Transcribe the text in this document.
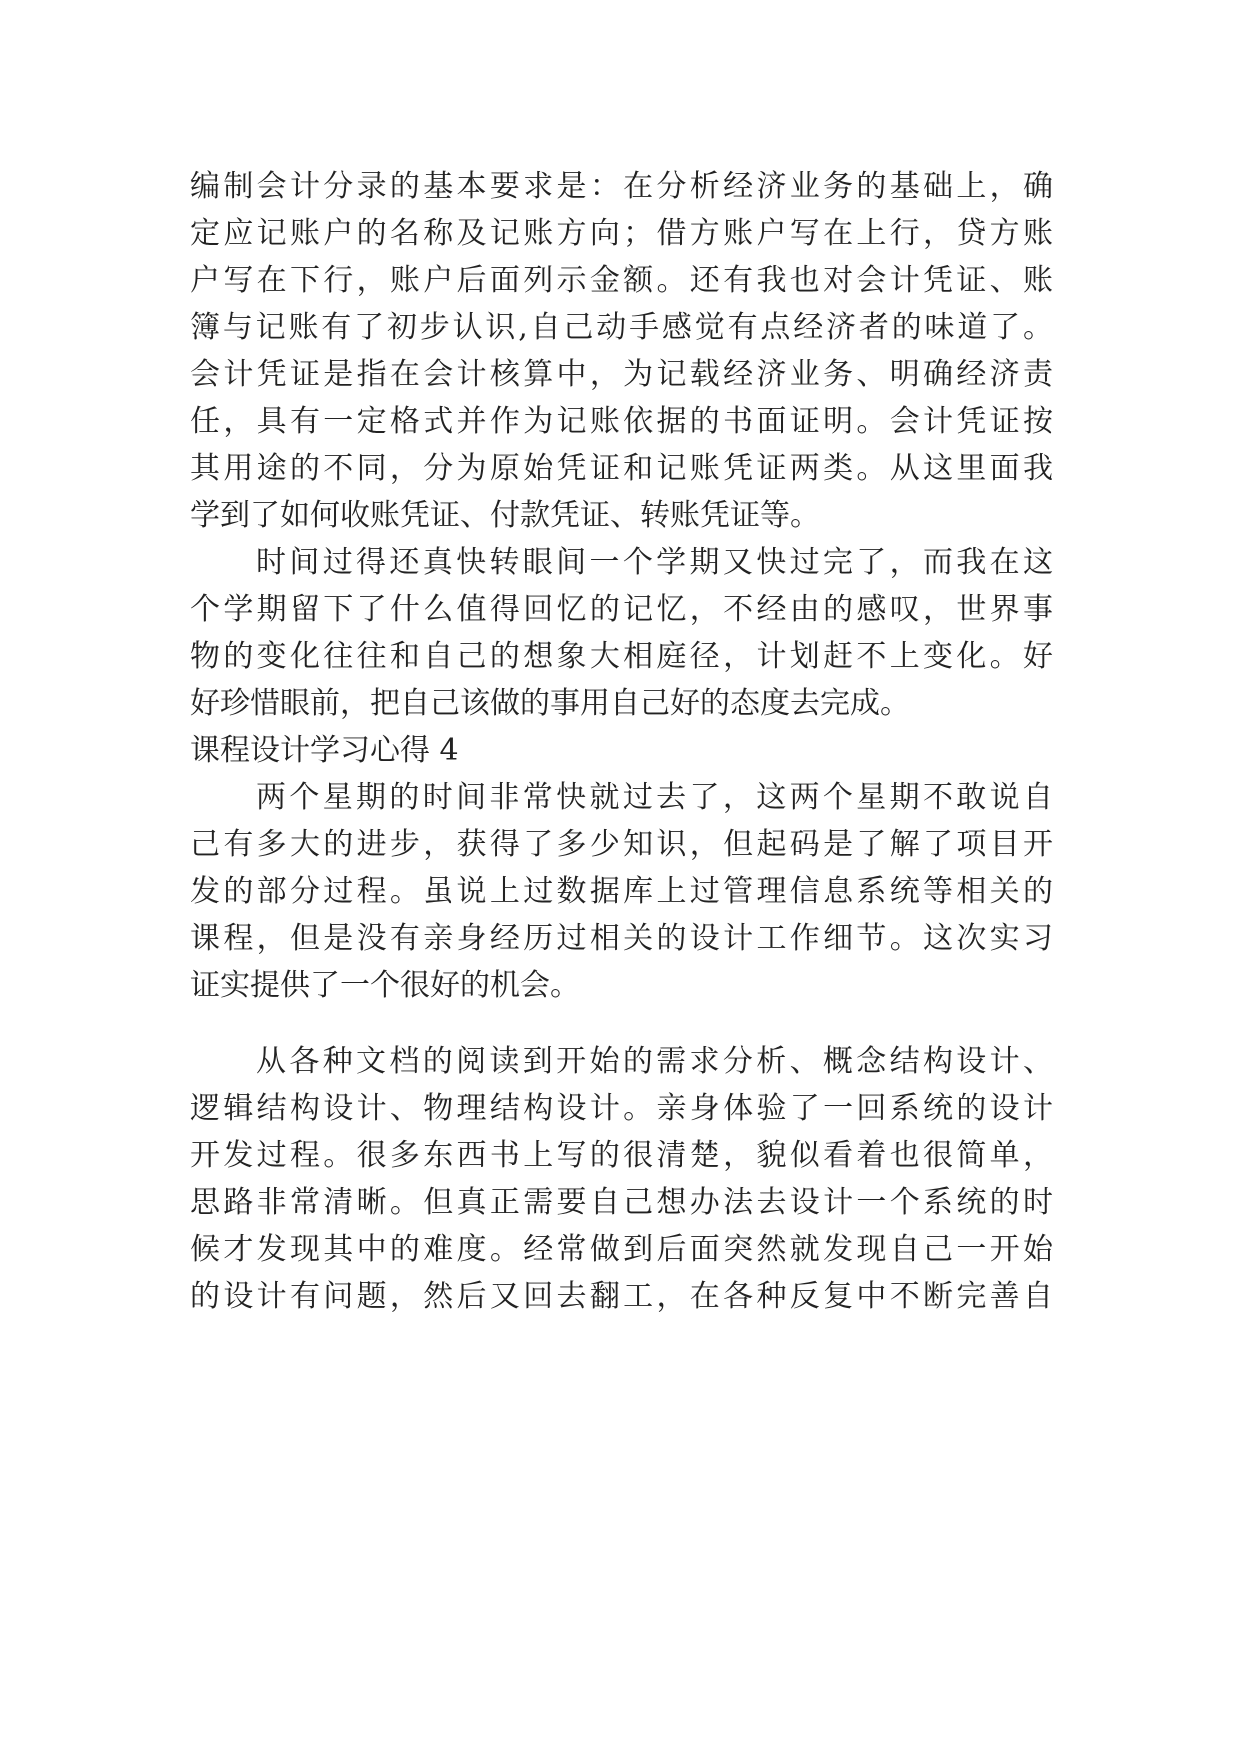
编制会计分录的基本要求是：在分析经济业务的基础上，确
定应记账户的名称及记账方向；借方账户写在上行，贷方账
户写在下行，账户后面列示金额。还有我也对会计凭证、账
簿与记账有了初步认识,自己动手感觉有点经济者的味道了。
会计凭证是指在会计核算中，为记载经济业务、明确经济责
任，具有一定格式并作为记账依据的书面证明。会计凭证按
其用途的不同，分为原始凭证和记账凭证两类。从这里面我
学到了如何收账凭证、付款凭证、转账凭证等。
时间过得还真快转眼间一个学期又快过完了，而我在这
个学期留下了什么值得回忆的记忆，不经由的感叹，世界事
物的变化往往和自己的想象大相庭径，计划赶不上变化。好
好珍惜眼前，把自己该做的事用自己好的态度去完成。
课程设计学习心得 4
两个星期的时间非常快就过去了，这两个星期不敢说自
己有多大的进步，获得了多少知识，但起码是了解了项目开
发的部分过程。虽说上过数据库上过管理信息系统等相关的
课程，但是没有亲身经历过相关的设计工作细节。这次实习
证实提供了一个很好的机会。
从各种文档的阅读到开始的需求分析、概念结构设计、
逻辑结构设计、物理结构设计。亲身体验了一回系统的设计
开发过程。很多东西书上写的很清楚，貌似看着也很简单，
思路非常清晰。但真正需要自己想办法去设计一个系统的时
候才发现其中的难度。经常做到后面突然就发现自己一开始
的设计有问题，然后又回去翻工，在各种反复中不断完善自
